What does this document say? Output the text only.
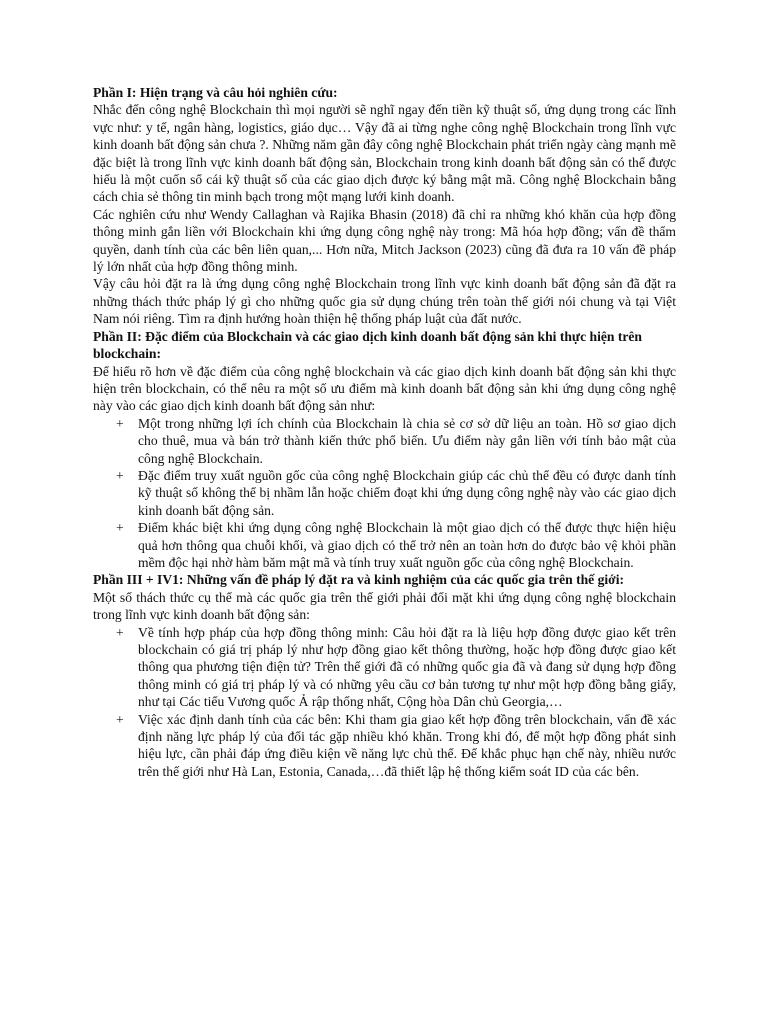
Phần I: Hiện trạng và câu hỏi nghiên cứu:

Nhắc đến công nghệ Blockchain thì mọi người sẽ nghĩ ngay đến tiền kỹ thuật số, ứng dụng trong các lĩnh vực như: y tế, ngân hàng, logistics, giáo dục… Vậy đã ai từng nghe công nghệ Blockchain trong lĩnh vực kinh doanh bất động sản chưa ?. Những năm gần đây công nghệ Blockchain phát triển ngày càng mạnh mẽ đặc biệt là trong lĩnh vực kinh doanh bất động sản, Blockchain trong kinh doanh bất động sản có thể được hiểu là một cuốn sổ cái kỹ thuật số của các giao dịch được ký bằng mật mã. Công nghệ Blockchain bằng cách chia sẻ thông tin minh bạch trong một mạng lưới kinh doanh.

Các nghiên cứu như Wendy Callaghan và Rajika Bhasin (2018) đã chỉ ra những khó khăn của hợp đồng thông minh gắn liền với Blockchain khi ứng dụng công nghệ này trong: Mã hóa hợp đồng; vấn đề thẩm quyền, danh tính của các bên liên quan,... Hơn nữa, Mitch Jackson (2023) cũng đã đưa ra 10 vấn đề pháp lý lớn nhất của hợp đồng thông minh.

Vậy câu hỏi đặt ra là ứng dụng công nghệ Blockchain trong lĩnh vực kinh doanh bất động sản đã đặt ra những thách thức pháp lý gì cho những quốc gia sử dụng chúng trên toàn thế giới nói chung và tại Việt Nam nói riêng. Tìm ra định hướng hoàn thiện hệ thống pháp luật của đất nước.

Phần II: Đặc điểm của Blockchain và các giao dịch kinh doanh bất động sản khi thực hiện trên blockchain:

Để hiểu rõ hơn về đặc điểm của công nghệ blockchain và các giao dịch kinh doanh bất động sản khi thực hiện trên blockchain, có thể nêu ra một số ưu điểm mà kinh doanh bất động sản khi ứng dụng công nghệ này vào các giao dịch kinh doanh bất động sản như:

+	Một trong những lợi ích chính của Blockchain là chia sẻ cơ sở dữ liệu an toàn. Hồ sơ giao dịch cho thuê, mua và bán trở thành kiến thức phổ biến. Ưu điểm này gắn liền với tính bảo mật của công nghệ Blockchain.
+	Đặc điểm truy xuất nguồn gốc của công nghệ Blockchain giúp các chủ thể đều có được danh tính kỹ thuật số không thể bị nhầm lẫn hoặc chiếm đoạt khi ứng dụng công nghệ này vào các giao dịch kinh doanh bất động sản.
+	Điểm khác biệt khi ứng dụng công nghệ Blockchain là một giao dịch có thể được thực hiện hiệu quả hơn thông qua chuỗi khối, và giao dịch có thể trở nên an toàn hơn do được bảo vệ khỏi phần mềm độc hại nhờ hàm băm mật mã và tính truy xuất nguồn gốc của công nghệ Blockchain.

Phần III + IV1: Những vấn đề pháp lý đặt ra và kinh nghiệm của các quốc gia trên thế giới:

Một số thách thức cụ thể mà các quốc gia trên thế giới phải đối mặt khi ứng dụng công nghệ blockchain trong lĩnh vực kinh doanh bất động sản:

+	Về tính hợp pháp của hợp đồng thông minh: Câu hỏi đặt ra là liệu hợp đồng được giao kết trên blockchain có giá trị pháp lý như hợp đồng giao kết thông thường, hoặc hợp đồng được giao kết thông qua phương tiện điện tử? Trên thế giới đã có những quốc gia đã và đang sử dụng hợp đồng thông minh có giá trị pháp lý và có những yêu cầu cơ bản tương tự như một hợp đồng bằng giấy, như tại Các tiểu Vương quốc Ả rập thống nhất, Cộng hòa Dân chủ Georgia,…
+	Việc xác định danh tính của các bên: Khi tham gia giao kết hợp đồng trên blockchain, vấn đề xác định năng lực pháp lý của đối tác gặp nhiều khó khăn. Trong khi đó, để một hợp đồng phát sinh hiệu lực, cần phải đáp ứng điều kiện về năng lực chủ thể. Để khắc phục hạn chế này, nhiều nước trên thế giới như Hà Lan, Estonia, Canada,…đã thiết lập hệ thống kiểm soát ID của các bên.
